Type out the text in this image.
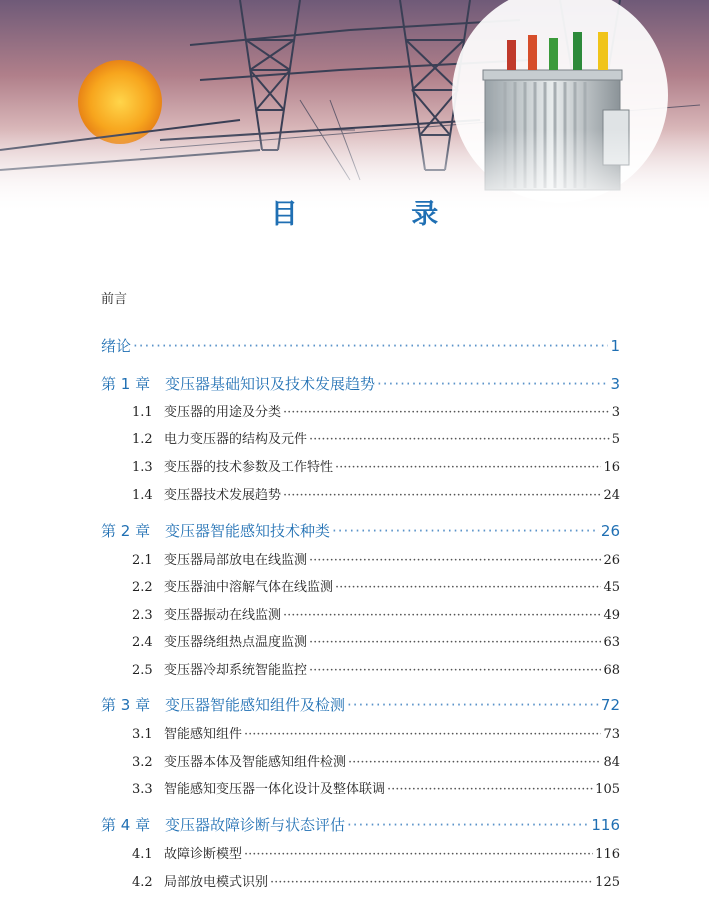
目 录
前言
绪论 ·····	1
第 1 章 变压器基础知识及技术发展趋势 ·····	3
1.1 变压器的用途及分类 ·····	3
1.2 电力变压器的结构及元件 ·····	5
1.3 变压器的技术参数及工作特性 ·····	16
1.4 变压器技术发展趋势 ·····	24
第 2 章 变压器智能感知技术种类 ·····	26
2.1 变压器局部放电在线监测 ·····	26
2.2 变压器油中溶解气体在线监测 ·····	45
2.3 变压器振动在线监测 ·····	49
2.4 变压器绕组热点温度监测 ·····	63
2.5 变压器冷却系统智能监控 ·····	68
第 3 章 变压器智能感知组件及检测 ·····	72
3.1 智能感知组件 ·····	73
3.2 变压器本体及智能感知组件检测 ·····	84
3.3 智能感知变压器一体化设计及整体联调 ·····	105
第 4 章 变压器故障诊断与状态评估 ·····	116
4.1 故障诊断模型 ·····	116
4.2 局部放电模式识别 ·····	125
